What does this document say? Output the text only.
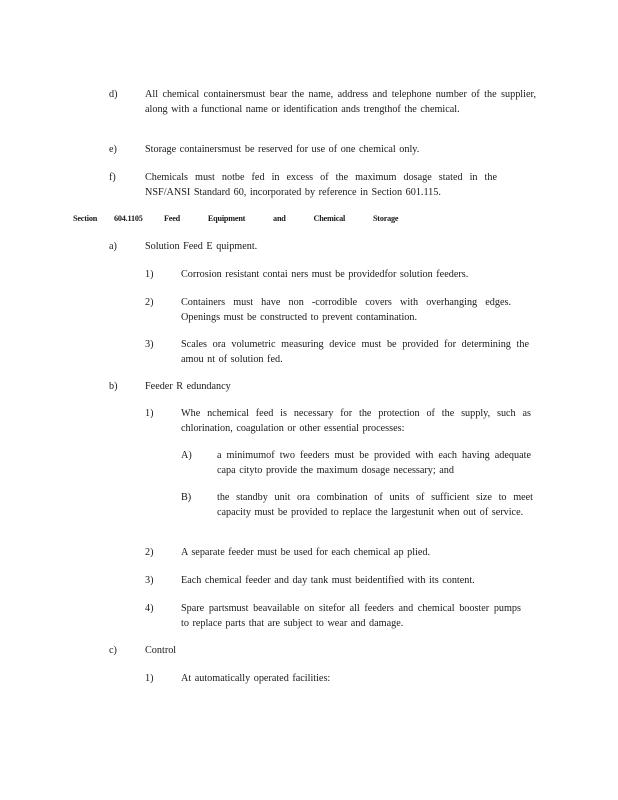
d)	All chemical containersmust bear the name, address and telephone number of the supplier, along with a functional name or identification ands trengthof the chemical.
e)	Storage containersmust be reserved for use of one chemical only.
f)	Chemicals must notbe fed in excess of the maximum dosage stated in the NSF/ANSI Standard 60, incorporated by reference in Section 601.115.
Section 604.1105	Feed Equipment and Chemical Storage
a)	Solution Feed E quipment.
1)	Corrosion resistant contai ners must be providedfor solution feeders.
2)	Containers must have non -corrodible covers with overhanging edges. Openings must be constructed to prevent contamination.
3)	Scales ora volumetric measuring device must be provided for determining the amou nt of solution fed.
b)	Feeder R edundancy
1)	Whe nchemical feed is necessary for the protection of the supply, such as chlorination, coagulation or other essential processes:
A) a minimumof two feeders must be provided with each having adequate capa cityto provide the maximum dosage necessary; and
B)	the standby unit ora combination of units of sufficient size to meet capacity must be provided to replace the largestunit when out of service.
2)	A separate feeder must be used for each chemical ap plied.
3)	Each chemical feeder and day tank must beidentified with its content.
4)	Spare partsmust beavailable on sitefor all feeders and chemical booster pumps to replace parts that are subject to wear and damage.
c)	Control
1)	At automatically operated facilities:
